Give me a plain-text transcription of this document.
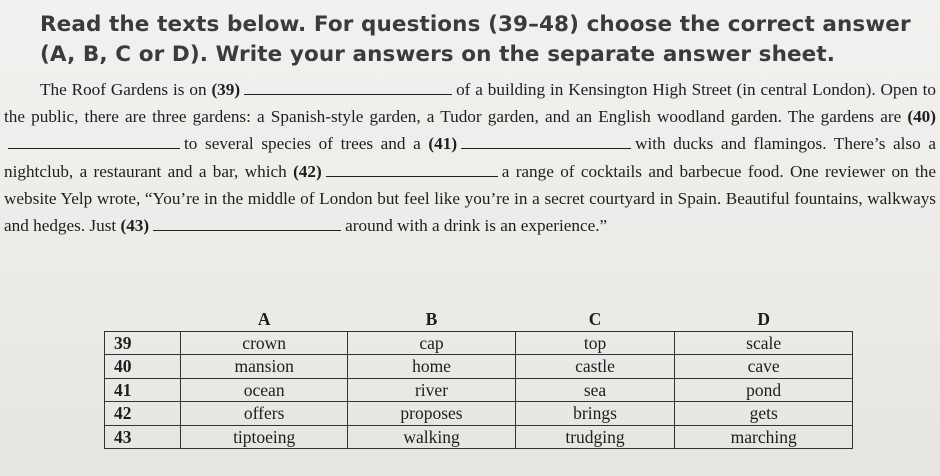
Read the texts below. For questions (39–48) choose the correct answer (A, B, C or D). Write your answers on the separate answer sheet.
The Roof Gardens is on (39)	of a building in Kensington High Street (in central London). Open to the public, there are three gardens: a Spanish-style garden, a Tudor garden, and an English woodland garden. The gardens are (40)to several species of trees and a (41)	with ducks and flamingos. There’s also a nightclub, a restaurant and a bar, which (42)	a range of cocktails and barbecue food. One reviewer on the website Yelp wrote, “You’re in the middle of London but feel like you’re in a secret courtyard in Spain. Beautiful fountains, walkways and hedges. Just (43)	around with a drink is an experience.”
	A	B	C	D
39	crown	cap	top	scale
40	mansion	home	castle	cave
41	ocean	river	sea	pond
42	offers	proposes	brings	gets
43	tiptoeing	walking	trudging	marching
